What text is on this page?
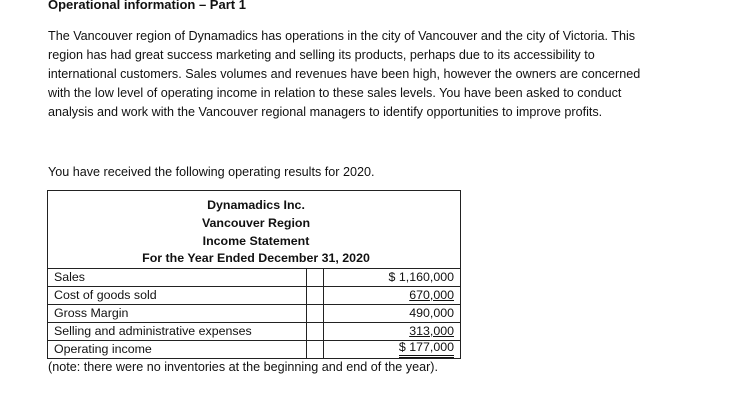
Operational information – Part 1

The Vancouver region of Dynamadics has operations in the city of Vancouver and the city of Victoria. This
region has had great success marketing and selling its products, perhaps due to its accessibility to
international customers. Sales volumes and revenues have been high, however the owners are concerned
with the low level of operating income in relation to these sales levels. You have been asked to conduct
analysis and work with the Vancouver regional managers to identify opportunities to improve profits.

You have received the following operating results for 2020.
Dynamadics Inc.
Vancouver Region
Income Statement
For the Year Ended December 31, 2020
Sales	$ 1,160,000
Cost of goods sold	670,000
Gross Margin	490,000
Selling and administrative expenses	313,000
Operating income	$ 177,000
(note: there were no inventories at the beginning and end of the year).
